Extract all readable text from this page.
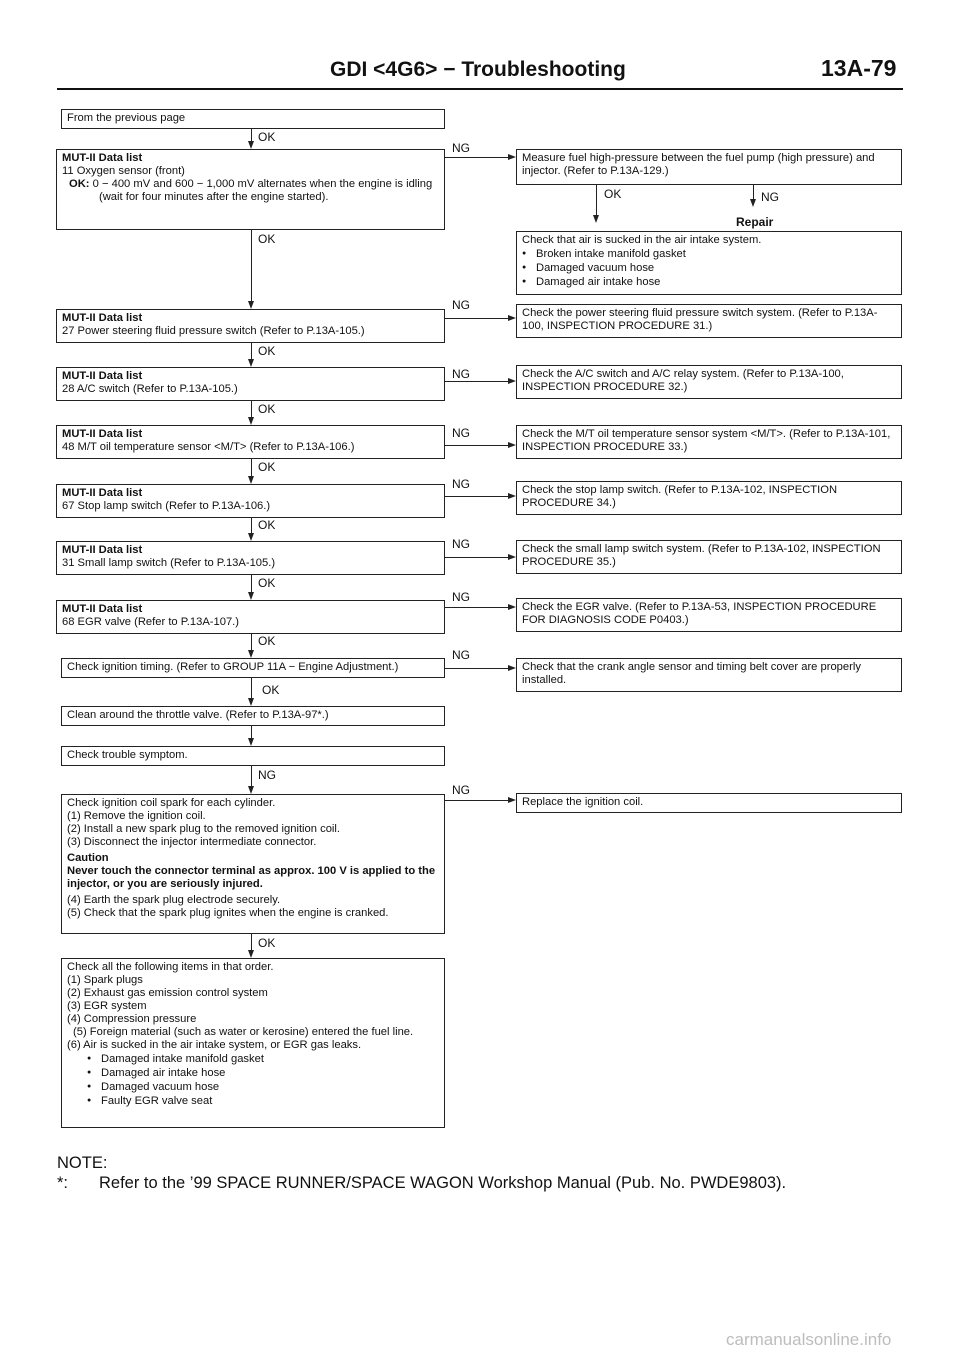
GDI <4G6> − Troubleshooting	13A-79
From the previous page
MUT-II Data list
11 Oxygen sensor (front)
OK: 0 − 400 mV and 600 − 1,000 mV alternates when the engine is idling (wait for four minutes after the engine started).
MUT-II Data list
27 Power steering fluid pressure switch (Refer to P.13A-105.)
MUT-II Data list
28 A/C switch (Refer to P.13A-105.)
MUT-II Data list
48 M/T oil temperature sensor <M/T> (Refer to P.13A-106.)
MUT-II Data list
67 Stop lamp switch (Refer to P.13A-106.)
MUT-II Data list
31 Small lamp switch (Refer to P.13A-105.)
MUT-II Data list
68 EGR valve (Refer to P.13A-107.)
Check ignition timing. (Refer to GROUP 11A − Engine Adjustment.)
Clean around the throttle valve. (Refer to P.13A-97*.)
Check trouble symptom.
Check ignition coil spark for each cylinder.
(1) Remove the ignition coil.
(2) Install a new spark plug to the removed ignition coil.
(3) Disconnect the injector intermediate connector.
Caution
Never touch the connector terminal as approx. 100 V is applied to the injector, or you are seriously injured.
(4) Earth the spark plug electrode securely.
(5) Check that the spark plug ignites when the engine is cranked.
Check all the following items in that order.
(1) Spark plugs
(2) Exhaust gas emission control system
(3) EGR system
(4) Compression pressure
(5) Foreign material (such as water or kerosine) entered the fuel line.
(6) Air is sucked in the air intake system, or EGR gas leaks.
● Damaged intake manifold gasket
● Damaged air intake hose
● Damaged vacuum hose
● Faulty EGR valve seat
Measure fuel high-pressure between the fuel pump (high pressure) and injector. (Refer to P.13A-129.)
Check that air is sucked in the air intake system.
● Broken intake manifold gasket
● Damaged vacuum hose
● Damaged air intake hose
Check the power steering fluid pressure switch system. (Refer to P.13A-100, INSPECTION PROCEDURE 31.)
Check the A/C switch and A/C relay system. (Refer to P.13A-100, INSPECTION PROCEDURE 32.)
Check the M/T oil temperature sensor system <M/T>. (Refer to P.13A-101, INSPECTION PROCEDURE 33.)
Check the stop lamp switch. (Refer to P.13A-102, INSPECTION PROCEDURE 34.)
Check the small lamp switch system. (Refer to P.13A-102, INSPECTION PROCEDURE 35.)
Check the EGR valve. (Refer to P.13A-53, INSPECTION PROCEDURE FOR DIAGNOSIS CODE P0403.)
Check that the crank angle sensor and timing belt cover are properly installed.
Replace the ignition coil.
OK
OK
OK
OK
OK
OK
OK
OK
OK
NG
OK
NG
NG
NG
NG
NG
NG
NG
NG
NG
OK	NG
Repair
NOTE:
*: Refer to the ’99 SPACE RUNNER/SPACE WAGON Workshop Manual (Pub. No. PWDE9803).
carmanualsonline.info
